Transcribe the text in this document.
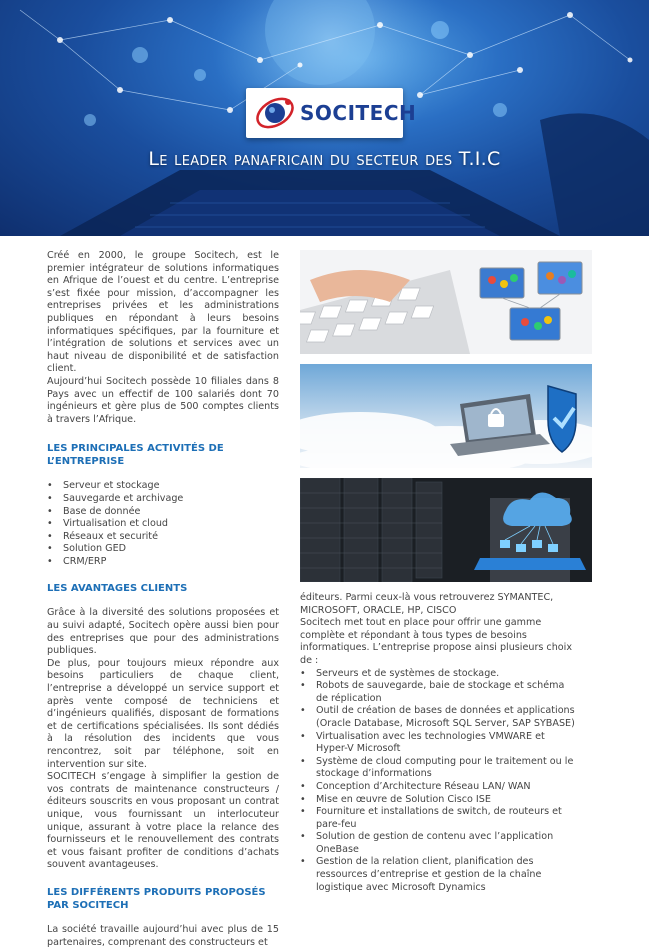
SOCITECH
Le leader panafricain du secteur des T.I.C

Créé en 2000, le groupe Socitech, est le premier intégrateur de solutions informatiques en Afrique de l’ouest et du centre. L’entreprise s’est fixée pour mission, d’accompagner les entreprises privées et les administrations publiques en répondant à leurs besoins informatiques spécifiques, par la fourniture et l’intégration de solutions et services avec un haut niveau de disponibilité et de satisfaction client.

Aujourd’hui Socitech possède 10 filiales dans 8 Pays avec un effectif de 100 salariés dont 70 ingénieurs et gère plus de 500 comptes clients à travers l’Afrique.

LES PRINCIPALES ACTIVITÉS DE L’ENTREPRISE

• Serveur et stockage
• Sauvegarde et archivage
• Base de donnée
• Virtualisation et cloud
• Réseaux et securité
• Solution GED
• CRM/ERP

LES AVANTAGES CLIENTS

Grâce à la diversité des solutions proposées et au suivi adapté, Socitech opère aussi bien pour des entreprises que pour des administrations publiques.

De plus, pour toujours mieux répondre aux besoins particuliers de chaque client, l’entreprise a développé un service support et après vente composé de techniciens et d’ingénieurs qualifiés, disposant de formations et de certifications spécialisées. Ils sont dédiés à la résolution des incidents que vous rencontrez, soit par téléphone, soit en intervention sur site.

SOCITECH s’engage à simplifier la gestion de vos contrats de maintenance constructeurs / éditeurs souscrits en vous proposant un contrat unique, vous fournissant un interlocuteur unique, assurant à votre place la relance des fournisseurs et le renouvellement des contrats et vous faisant profiter de conditions d’achats souvent avantageuses.

LES DIFFÉRENTS PRODUITS PROPOSÉS PAR SOCITECH

La société travaille aujourd’hui avec plus de 15 partenaires, comprenant des constructeurs et

éditeurs. Parmi ceux-là vous retrouverez SYMANTEC, MICROSOFT, ORACLE, HP, CISCO

Socitech met tout en place pour offrir une gamme complète et répondant à tous types de besoins informatiques. L’entreprise propose ainsi plusieurs choix de :

• Serveurs et de systèmes de stockage.
• Robots de sauvegarde, baie de stockage et schéma de réplication
• Outil de création de bases de données et applications (Oracle Database, Microsoft SQL Server, SAP SYBASE)
• Virtualisation avec les technologies VMWARE et Hyper-V Microsoft
• Système de cloud computing pour le traitement ou le stockage d’informations
• Conception d’Architecture Réseau LAN/ WAN
• Mise en œuvre de Solution Cisco ISE
• Fourniture et installations de switch, de routeurs et pare-feu
• Solution de gestion de contenu avec l’application OneBase
• Gestion de la relation client, planification des ressources d’entreprise et gestion de la chaîne logistique avec Microsoft Dynamics
